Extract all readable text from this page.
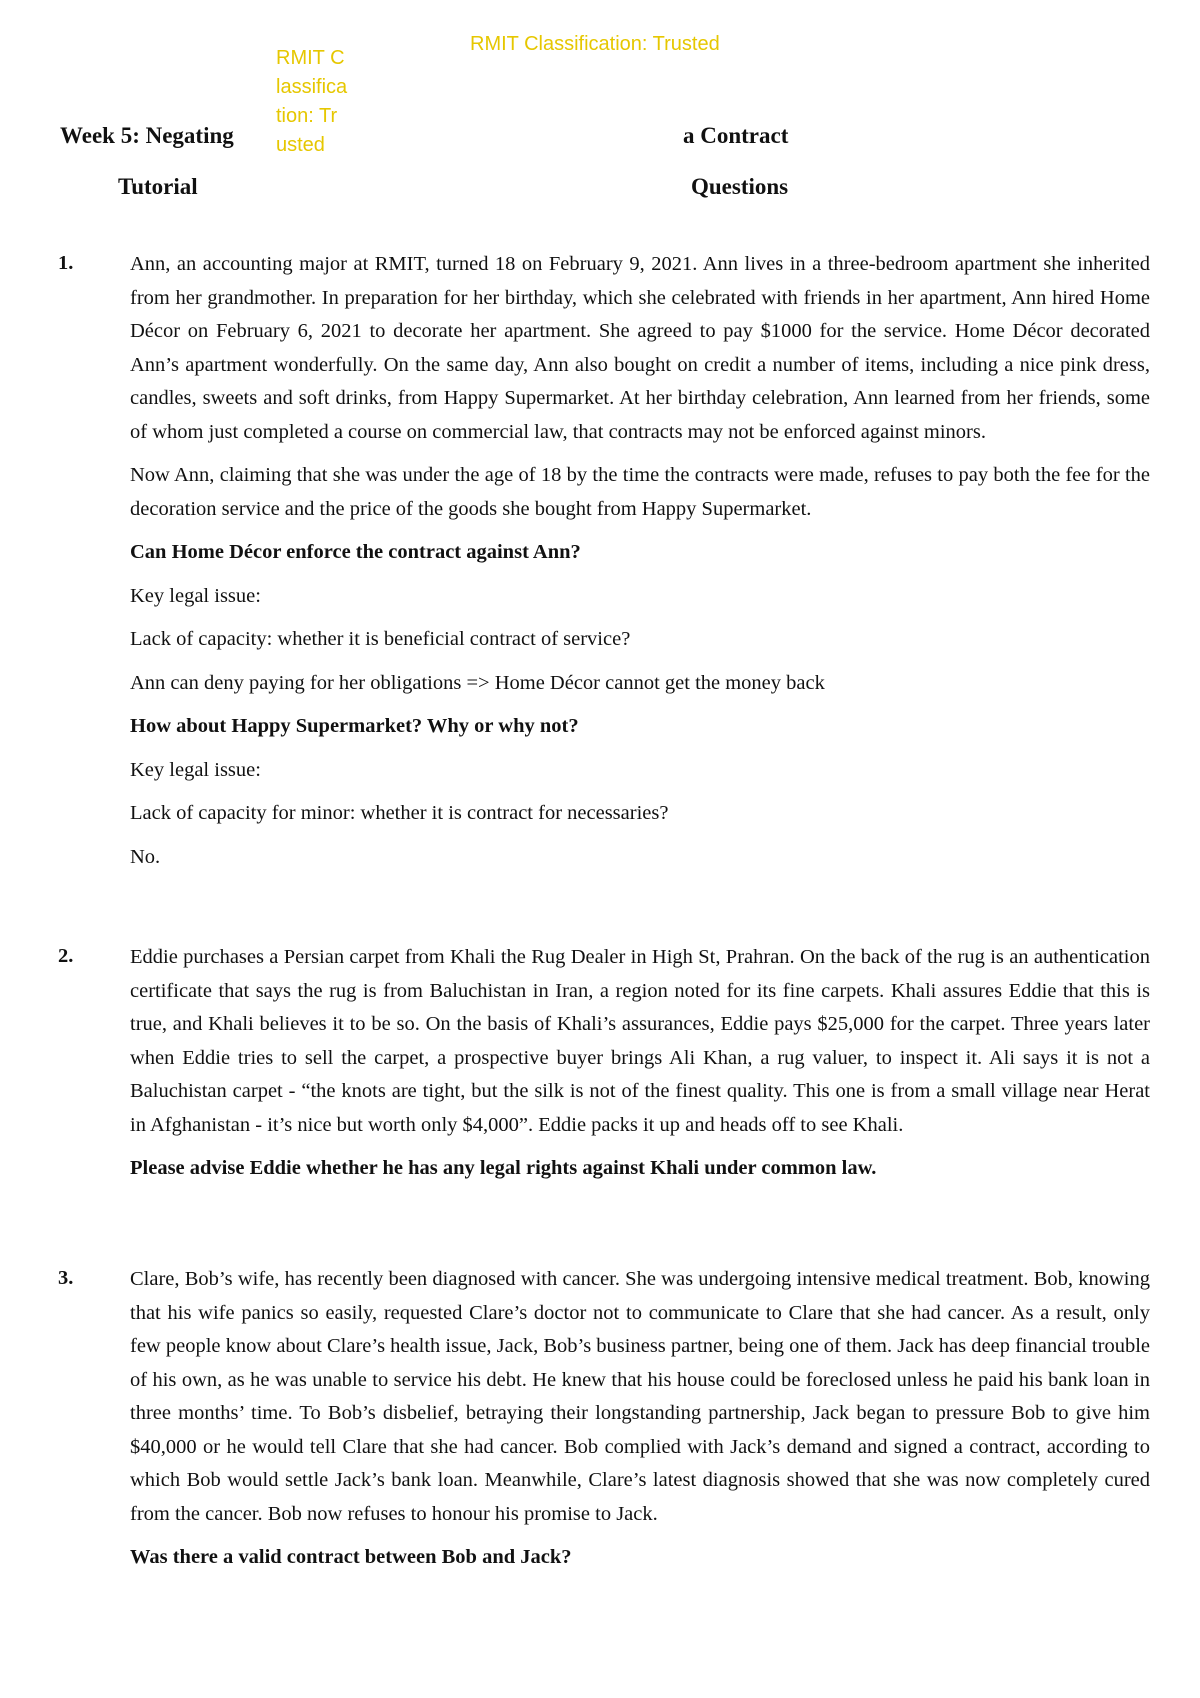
RMIT Classification: Trusted
RMIT Classification: Trusted
Week 5: Negating	a Contract
Tutorial	Questions
1.	Ann, an accounting major at RMIT, turned 18 on February 9, 2021. Ann lives in a three-bedroom apartment she inherited from her grandmother. In preparation for her birthday, which she celebrated with friends in her apartment, Ann hired Home Décor on February 6, 2021 to decorate her apartment. She agreed to pay $1000 for the service. Home Décor decorated Ann’s apartment wonderfully. On the same day, Ann also bought on credit a number of items, including a nice pink dress, candles, sweets and soft drinks, from Happy Supermarket. At her birthday celebration, Ann learned from her friends, some of whom just completed a course on commercial law, that contracts may not be enforced against minors.

Now Ann, claiming that she was under the age of 18 by the time the contracts were made, refuses to pay both the fee for the decoration service and the price of the goods she bought from Happy Supermarket.

Can Home Décor enforce the contract against Ann?

Key legal issue:

Lack of capacity: whether it is beneficial contract of service?

Ann can deny paying for her obligations => Home Décor cannot get the money back

How about Happy Supermarket? Why or why not?

Key legal issue:

Lack of capacity for minor: whether it is contract for necessaries?

No.

2.	Eddie purchases a Persian carpet from Khali the Rug Dealer in High St, Prahran. On the back of the rug is an authentication certificate that says the rug is from Baluchistan in Iran, a region noted for its fine carpets. Khali assures Eddie that this is true, and Khali believes it to be so. On the basis of Khali’s assurances, Eddie pays $25,000 for the carpet. Three years later when Eddie tries to sell the carpet, a prospective buyer brings Ali Khan, a rug valuer, to inspect it. Ali says it is not a Baluchistan carpet - “the knots are tight, but the silk is not of the finest quality. This one is from a small village near Herat in Afghanistan - it’s nice but worth only $4,000”. Eddie packs it up and heads off to see Khali.

Please advise Eddie whether he has any legal rights against Khali under common law.

3.	Clare, Bob’s wife, has recently been diagnosed with cancer. She was undergoing intensive medical treatment. Bob, knowing that his wife panics so easily, requested Clare’s doctor not to communicate to Clare that she had cancer. As a result, only few people know about Clare’s health issue, Jack, Bob’s business partner, being one of them. Jack has deep financial trouble of his own, as he was unable to service his debt. He knew that his house could be foreclosed unless he paid his bank loan in three months’ time. To Bob’s disbelief, betraying their longstanding partnership, Jack began to pressure Bob to give him $40,000 or he would tell Clare that she had cancer. Bob complied with Jack’s demand and signed a contract, according to which Bob would settle Jack’s bank loan. Meanwhile, Clare’s latest diagnosis showed that she was now completely cured from the cancer. Bob now refuses to honour his promise to Jack.

Was there a valid contract between Bob and Jack?
